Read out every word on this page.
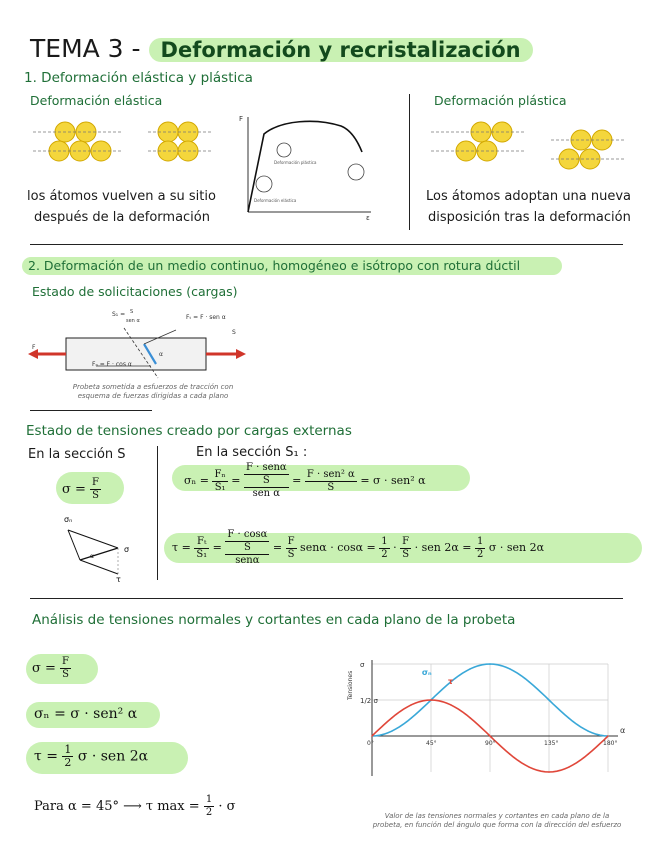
TEMA 3 - Deformación y recristalización
1. Deformación elástica y plástica
Deformación elástica	Deformación plástica
F
ε
Deformación plástica
Deformación elástica
los átomos vuelven a su sitio
después de la deformación
Los átomos adoptan una nueva
disposición tras la deformación
2. Deformación de un medio continuo, homogéneo e isótropo con rotura dúctil
Estado de solicitaciones (cargas)
S₁ = S
sen α	Fₜ = F · sen α
Fₙ = F · cos α
S
F
α
Probeta sometida a esfuerzos de tracción con esquema de fuerzas dirigidas a cada plano
Estado de tensiones creado por cargas externas
En la sección S	En la sección S₁ :
$\sigma = \frac{F}{S}$
σₙ
σ
τ
α
$\sigma_n = \frac{\text{Fₙ}}{\text{S₁}}$ =
F · senα
S
sen α
= $\frac{\text{F · sen² α}}{S} = \sigma \cdot sen^2$ α
$\tau = \frac{\text{Fₜ}}{\text{S₁}}$ =
F · cosα
S
senα
= $\frac{F}{S}$ $sen\alpha \cdot \cos\alpha = \frac{1}{2} \cdot \frac{F}{S}$ · sen $2\alpha = \frac{1}{2}$ σ · sen 2α
Análisis de tensiones normales y cortantes en cada plano de la probeta
$\sigma = \frac{F}{S}$
σₙ = σ · sen² α
$\tau = \frac{1}{2}$ σ · sen 2α
Para α = 45° ⟶ τ $\max = \frac{1}{2} \cdot \sigma$
0°	45°	90°	135°	180°
σ
1/2 σ
α
Tensiones	σₙ
τ
Valor de las tensiones normales y cortantes en cada plano de la probeta, en función del ángulo que forma con la dirección del esfuerzo
